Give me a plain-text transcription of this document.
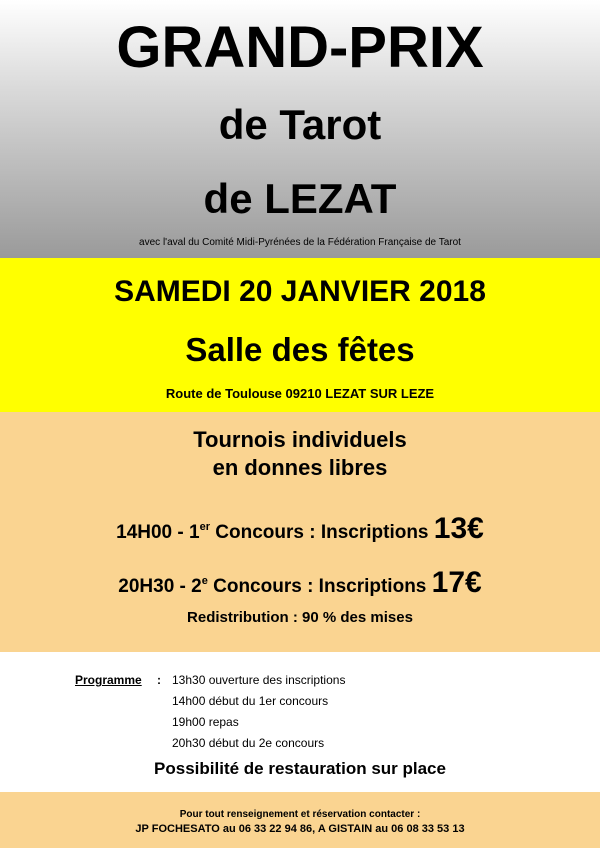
GRAND-PRIX
de Tarot
de LEZAT
avec l'aval du Comité Midi-Pyrénées de la Fédération Française de Tarot
SAMEDI 20 JANVIER 2018
Salle des fêtes
Route de Toulouse 09210 LEZAT SUR LEZE
Tournois individuels
en donnes libres
14H00 - 1er Concours : Inscriptions 13€
20H30 - 2e Concours : Inscriptions 17€
Redistribution : 90 % des mises
Programme : 13h30 ouverture des inscriptions
14h00 début du 1er concours
19h00 repas
20h30 début du 2e concours
Possibilité de restauration sur place
Pour tout renseignement et réservation contacter :
JP FOCHESATO au 06 33 22 94 86, A GISTAIN au 06 08 33 53 13
